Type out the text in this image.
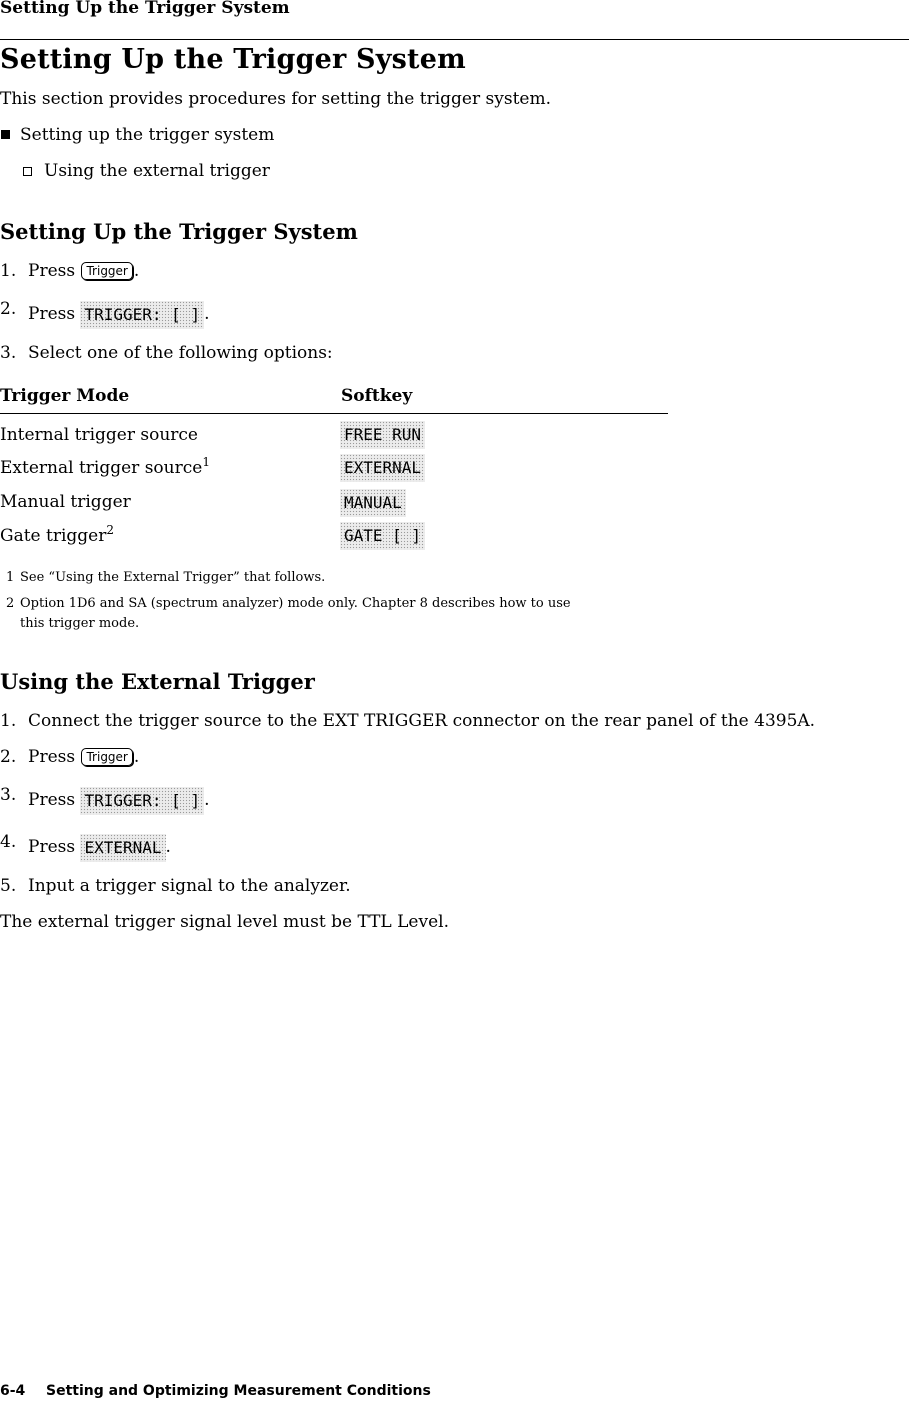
Setting Up the Trigger System
Setting Up the Trigger System
This section provides procedures for setting the trigger system.
Setting up the trigger system
Using the external trigger
Setting Up the Trigger System
1. Press Trigger .
2. Press TRIGGER: [ ] .
3. Select one of the following options:
Trigger Mode	Softkey
Internal trigger source	FREE RUN
External trigger source$^1$	EXTERNAL
Manual trigger	MANUAL
Gate trigger$^2$	GATE [ ]
1 See “Using the External Trigger” that follows.
2 Option 1D6 and SA (spectrum analyzer) mode only. Chapter 8 describes how to use
this trigger mode.
Using the External Trigger
1. Connect the trigger source to the EXT TRIGGER connector on the rear panel of the 4395A.
2. Press Trigger .
3. Press TRIGGER: [ ] .
4. Press EXTERNAL .
5. Input a trigger signal to the analyzer.
The external trigger signal level must be TTL Level.
6-4 Setting and Optimizing Measurement Conditions
